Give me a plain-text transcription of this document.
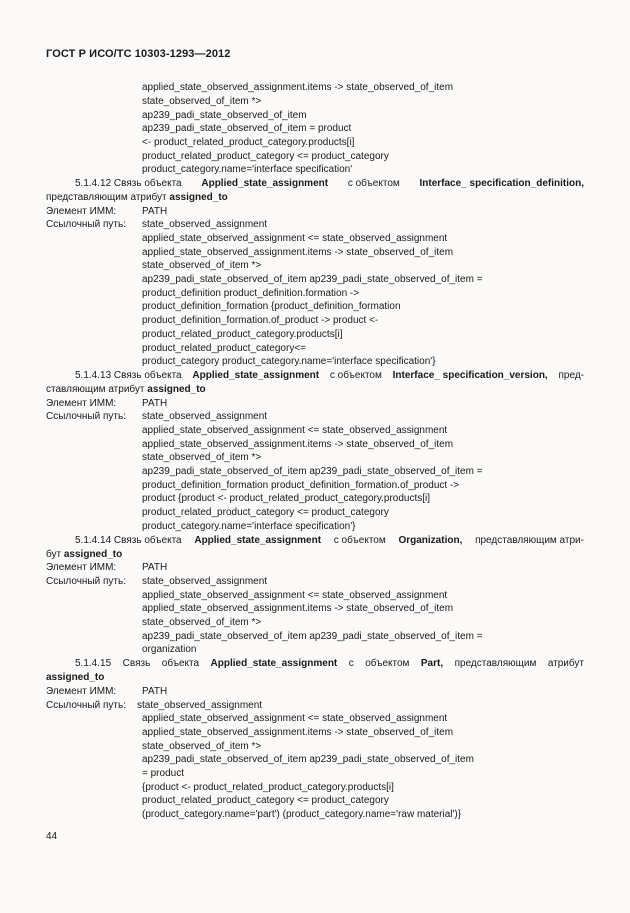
ГОСТ Р ИСО/ТС 10303-1293—2012
applied_state_observed_assignment.items -> state_observed_of_item
state_observed_of_item *>
ap239_padi_state_observed_of_item
ap239_padi_state_observed_of_item = product
<- product_related_product_category.products[i]
product_related_product_category <= product_category
product_category.name='interface specification'
5.1.4.12 Связь объекта Applied_state_assignment с объектом Interface_ specification_definition,
представляющим атрибут assigned_to
Элемент ИММ:	PATH
Ссылочный путь: state_observed_assignment
applied_state_observed_assignment <= state_observed_assignment
applied_state_observed_assignment.items -> state_observed_of_item
state_observed_of_item *>
ap239_padi_state_observed_of_item ap239_padi_state_observed_of_item =
product_definition product_definition.formation ->
product_definition_formation {product_definition_formation
product_definition_formation.of_product -> product <-
product_related_product_category.products[i]
product_related_product_category<=
product_category product_category.name='interface specification'}
5.1.4.13 Связь объекта Applied_state_assignment с объектом Interface_ specification_version, пред-
ставляющим атрибут assigned_to
Элемент ИММ:	PATH
Ссылочный путь: state_observed_assignment
applied_state_observed_assignment <= state_observed_assignment
applied_state_observed_assignment.items -> state_observed_of_item
state_observed_of_item *>
ap239_padi_state_observed_of_item ap239_padi_state_observed_of_item =
product_definition_formation product_definition_formation.of_product ->
product {product <- product_related_product_category.products[i]
product_related_product_category <= product_category
product_category.name='interface specification'}
5.1.4.14 Связь объекта Applied_state_assignment с объектом Organization, представляющим атри-
бут assigned_to
Элемент ИММ:	PATH
Ссылочный путь: state_observed_assignment
applied_state_observed_assignment <= state_observed_assignment
applied_state_observed_assignment.items -> state_observed_of_item
state_observed_of_item *>
ap239_padi_state_observed_of_item ap239_padi_state_observed_of_item =
organization
5.1.4.15 Связь объекта Applied_state_assignment с объектом Part, представляющим атрибут
assigned_to
Элемент ИММ:	PATH
Ссылочный путь: state_observed_assignment
applied_state_observed_assignment <= state_observed_assignment
applied_state_observed_assignment.items -> state_observed_of_item
state_observed_of_item *>
ap239_padi_state_observed_of_item ap239_padi_state_observed_of_item
= product
{product <- product_related_product_category.products[i]
product_related_product_category <= product_category
(product_category.name='part') (product_category.name='raw material')}
44
